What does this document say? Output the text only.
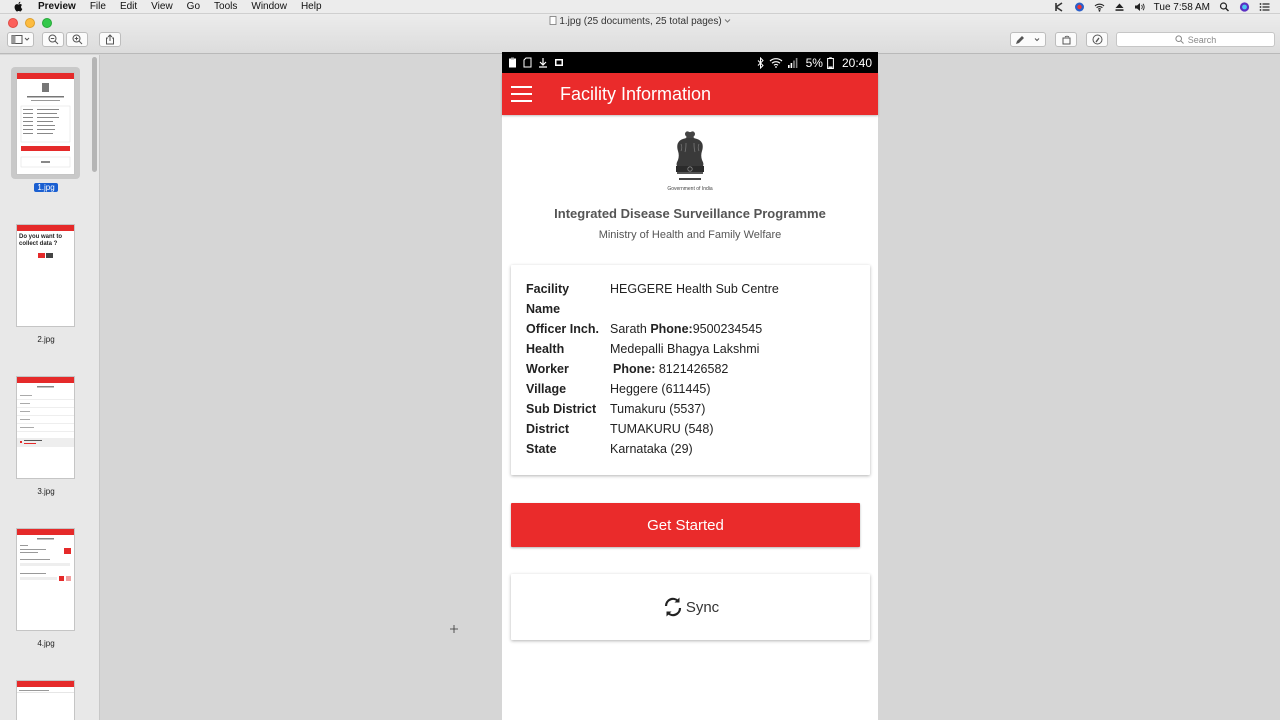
Preview File Edit View Go Tools Window Help	Tue 7:58 AM
1.jpg (25 documents, 25 total pages)
Search
1.jpg
Do you want to collect data ?
2.jpg
3.jpg
4.jpg
5% 20:40
Facility Information
Government of India
Integrated Disease Surveillance Programme
Ministry of Health and Family Welfare
Facility Name	HEGGERE Health Sub Centre
Officer Inch.	Sarath Phone:9500234545
Health Worker	Medepalli Bhagya Lakshmi
Phone: 8121426582

Village	Heggere (611445)
Sub District	Tumakuru (5537)
District	TUMAKURU (548)
State	Karnataka (29)
Get Started
Sync
